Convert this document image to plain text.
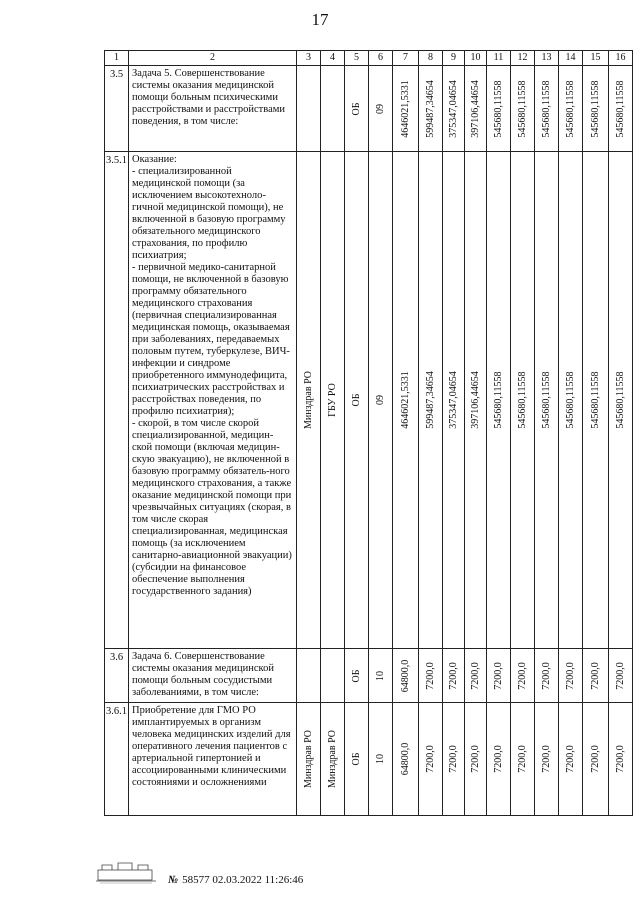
17
1	2	3	4	5	6	7	8	9	10	11	12	13	14	15	16
3.5	Задача 5. Совершенствование системы оказания медицинской помощи больным психическими расстройствами и расстройствами поведения, в том числе:			ОБ	09	4646021,5331	599487,34654	375347,04654	397106,44654	545680,11558	545680,11558	545680,11558	545680,11558	545680,11558	545680,11558

3.5.1	Оказание:
- специализированной медицинской помощи (за исключением высокотехноло-гичной медицинской помощи), не включенной в базовую программу обязательного медицинского страхования, по профилю психиатрия;
- первичной медико-санитарной помощи, не включенной в базовую программу обязательного медицинского страхования (первичная специализированная медицинская помощь, оказываемая при заболеваниях, передаваемых половым путем, туберкулезе, ВИЧ-инфекции и синдроме приобретенного иммунодефицита, психиатрических расстройствах и расстройствах поведения, по профилю психиатрия);
- скорой, в том числе скорой специализированной, медицин-ской помощи (включая медицин-скую эвакуацию), не включенной в базовую программу обязатель-ного медицинского страхования, а также оказание медицинской помощи при чрезвычайных ситуациях (скорая, в том числе скорая специализированная, медицинская помощь (за исключением санитарно-авиационной эвакуации) (субсидии на финансовое обеспечение выполнения государственного задания)	Минздрав РО	ГБУ РО	ОБ	09	4646021,5331	599487,34654	375347,04654	397106,44654	545680,11558	545680,11558	545680,11558	545680,11558	545680,11558	545680,11558

3.6	Задача 6. Совершенствование системы оказания медицинской помощи больным сосудистыми заболеваниями, в том числе:			ОБ	10	64800,0	7200,0	7200,0	7200,0	7200,0	7200,0	7200,0	7200,0	7200,0	7200,0

3.6.1	Приобретение для ГМО РО имплантируемых в организм человека медицинских изделий для оперативного лечения пациентов с артериальной гипертонией и ассоциированными клиническими состояниями и осложнениями	Минздрав РО	Минздрав РО	ОБ	10	64800,0	7200,0	7200,0	7200,0	7200,0	7200,0	7200,0	7200,0	7200,0	7200,0
№ 58577 02.03.2022 11:26:46
